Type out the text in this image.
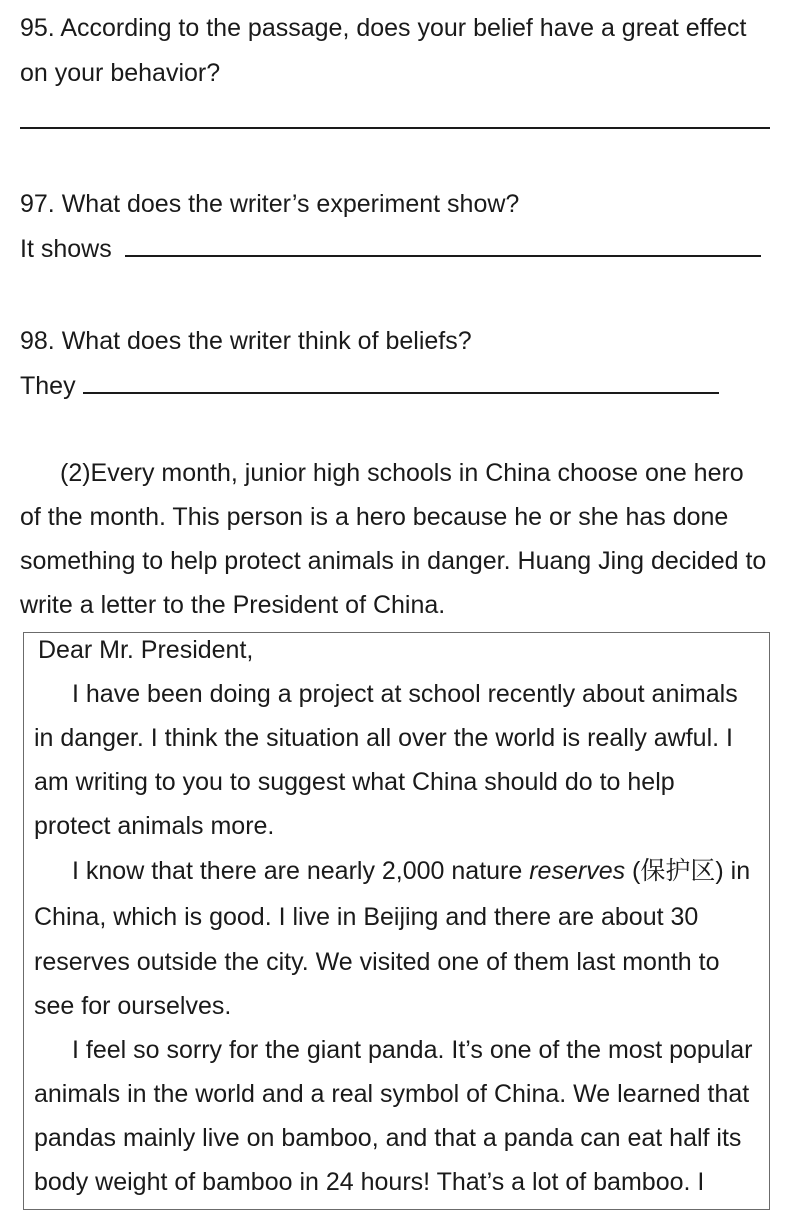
95. According to the passage, does your belief have a great effect
on your behavior?
97. What does the writer’s experiment show?
It shows
98. What does the writer think of beliefs?
They
(2)Every month, junior high schools in China choose one hero
of the month. This person is a hero because he or she has done
something to help protect animals in danger. Huang Jing decided to
write a letter to the President of China.
Dear Mr. President,
I have been doing a project at school recently about animals
in danger. I think the situation all over the world is really awful. I
am writing to you to suggest what China should do to help
protect animals more.
I know that there are nearly 2,000 nature reserves (保护区) in
China, which is good. I live in Beijing and there are about 30
reserves outside the city. We visited one of them last month to
see for ourselves.
I feel so sorry for the giant panda. It’s one of the most popular
animals in the world and a real symbol of China. We learned that
pandas mainly live on bamboo, and that a panda can eat half its
body weight of bamboo in 24 hours! That’s a lot of bamboo. I
